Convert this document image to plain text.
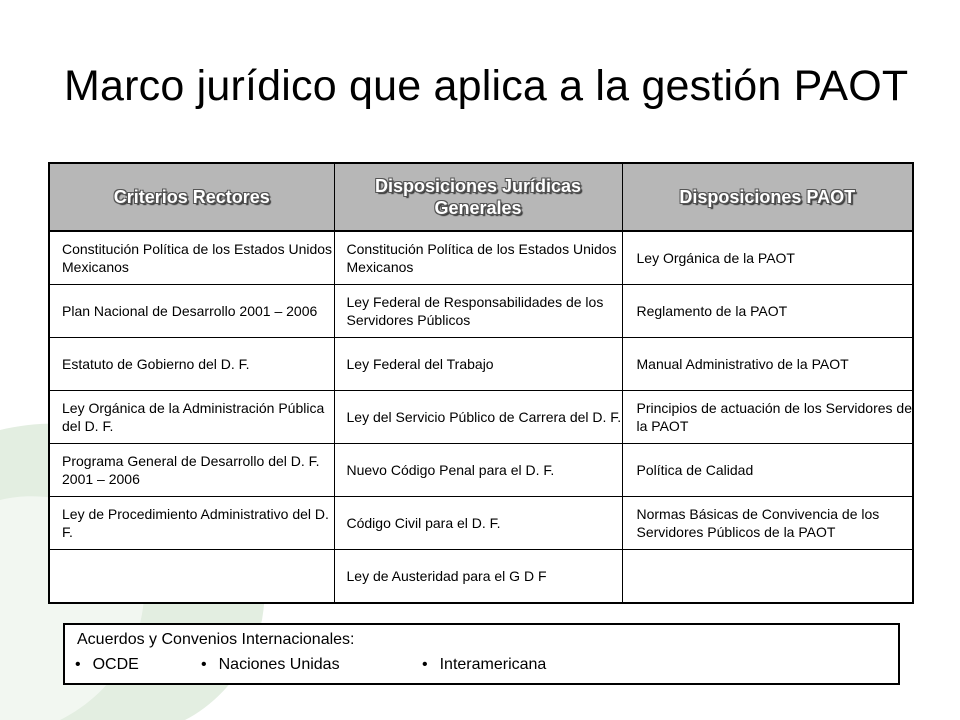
Marco jurídico que aplica a la gestión PAOT
Criterios Rectores	Disposiciones Jurídicas Generales	Disposiciones PAOT
Constitución Política de los Estados Unidos Mexicanos	Constitución Política de los Estados Unidos Mexicanos	Ley Orgánica de la PAOT
Plan Nacional de Desarrollo 2001 – 2006	Ley Federal de Responsabilidades de los Servidores Públicos	Reglamento de la PAOT
Estatuto de Gobierno del D. F.	Ley Federal del Trabajo	Manual Administrativo de la PAOT
Ley Orgánica de la Administración Pública del D. F.	Ley del Servicio Público de Carrera del D. F.	Principios de actuación de los Servidores de la PAOT
Programa General de Desarrollo del D. F. 2001 – 2006	Nuevo Código Penal para el D. F.	Política de Calidad
Ley de Procedimiento Administrativo del D. F.	Código Civil para el D. F.	Normas Básicas de Convivencia de los Servidores Públicos de la PAOT
	Ley de Austeridad para el G D F	
Acuerdos y Convenios Internacionales:
• OCDE	• Naciones Unidas	• Interamericana
